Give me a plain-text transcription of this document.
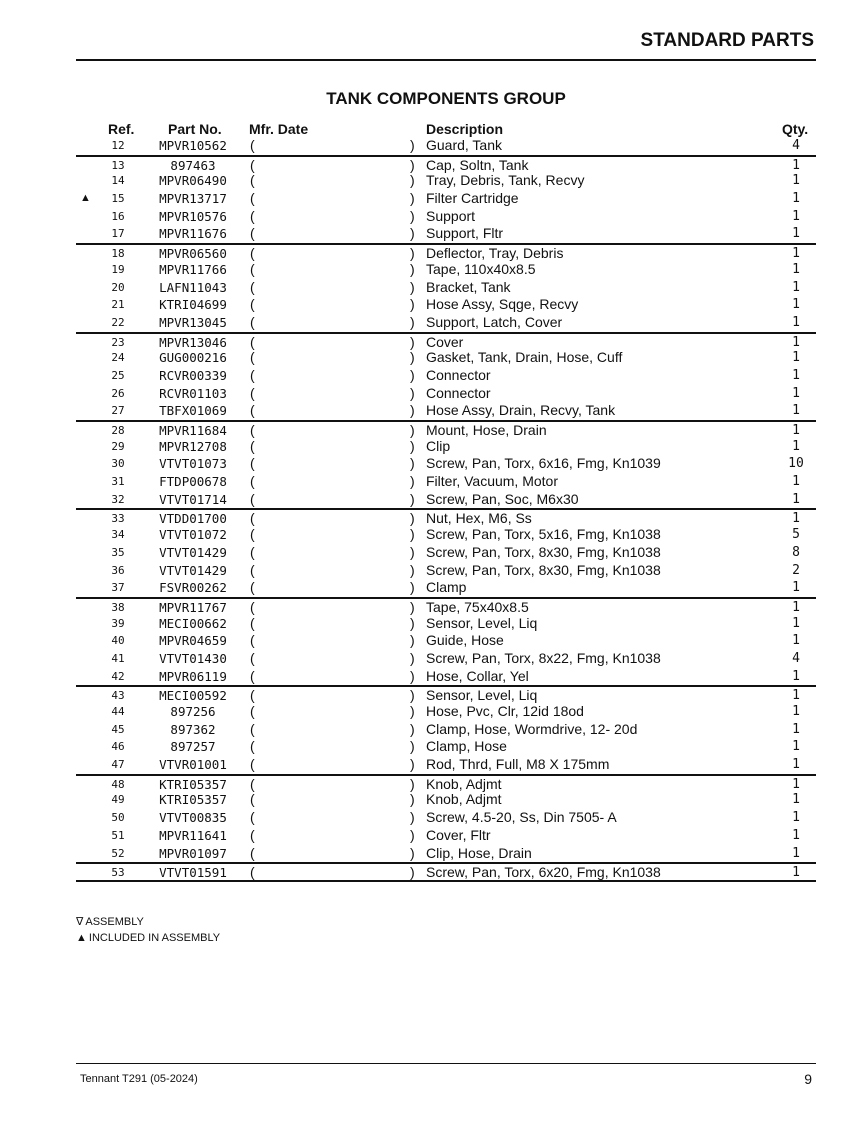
STANDARD PARTS
TANK COMPONENTS GROUP
Ref. Part No. Mfr. Date	Description	Qty.
12	MPVR10562 (	) Guard, Tank	4
13	897463	(	) Cap, Soltn, Tank	1
14	MPVR06490 (	) Tray, Debris, Tank, Recvy	1
▲	15	MPVR13717 (	) Filter Cartridge	1
16	MPVR10576 (	) Support	1
17	MPVR11676 (	) Support, Fltr	1
18	MPVR06560 (	) Deflector, Tray, Debris	1
19	MPVR11766 (	) Tape, 110x40x8.5	1
20	LAFN11043 (	) Bracket, Tank	1
21	KTRI04699 (	) Hose Assy, Sqge, Recvy	1
22	MPVR13045 (	) Support, Latch, Cover	1
23	MPVR13046 (	) Cover	1
24	GUG000216 (	) Gasket, Tank, Drain, Hose, Cuff	1
25	RCVR00339 (	) Connector	1
26	RCVR01103 (	) Connector	1
27	TBFX01069 (	) Hose Assy, Drain, Recvy, Tank	1
28	MPVR11684 (	) Mount, Hose, Drain	1
29	MPVR12708 (	) Clip	1
30	VTVT01073 (	) Screw, Pan, Torx, 6x16, Fmg, Kn1039	10
31	FTDP00678 (	) Filter, Vacuum, Motor	1
32	VTVT01714 (	) Screw, Pan, Soc, M6x30	1
33	VTDD01700 (	) Nut, Hex, M6, Ss	1
34	VTVT01072 (	) Screw, Pan, Torx, 5x16, Fmg, Kn1038	5
35	VTVT01429 (	) Screw, Pan, Torx, 8x30, Fmg, Kn1038	8
36	VTVT01429 (	) Screw, Pan, Torx, 8x30, Fmg, Kn1038	2
37	FSVR00262 (	) Clamp	1
38	MPVR11767 (	) Tape, 75x40x8.5	1
39	MECI00662 (	) Sensor, Level, Liq	1
40	MPVR04659 (	) Guide, Hose	1
41	VTVT01430 (	) Screw, Pan, Torx, 8x22, Fmg, Kn1038	4
42	MPVR06119 (	) Hose, Collar, Yel	1
43	MECI00592 (	) Sensor, Level, Liq	1
44	897256	(	) Hose, Pvc, Clr, 12id 18od	1
45	897362	(	) Clamp, Hose, Wormdrive, 12- 20d	1
46	897257	(	) Clamp, Hose	1
47	VTVR01001 (	) Rod, Thrd, Full, M8 X 175mm	1
48	KTRI05357 (	) Knob, Adjmt	1
49	KTRI05357 (	) Knob, Adjmt	1
50	VTVT00835 (	) Screw, 4.5-20, Ss, Din 7505- A	1
51	MPVR11641 (	) Cover, Fltr	1
52	MPVR01097 (	) Clip, Hose, Drain	1
53	VTVT01591 (	) Screw, Pan, Torx, 6x20, Fmg, Kn1038	1
∇ ASSEMBLY
▲ INCLUDED IN ASSEMBLY
Tennant T291 (05-2024)	9
